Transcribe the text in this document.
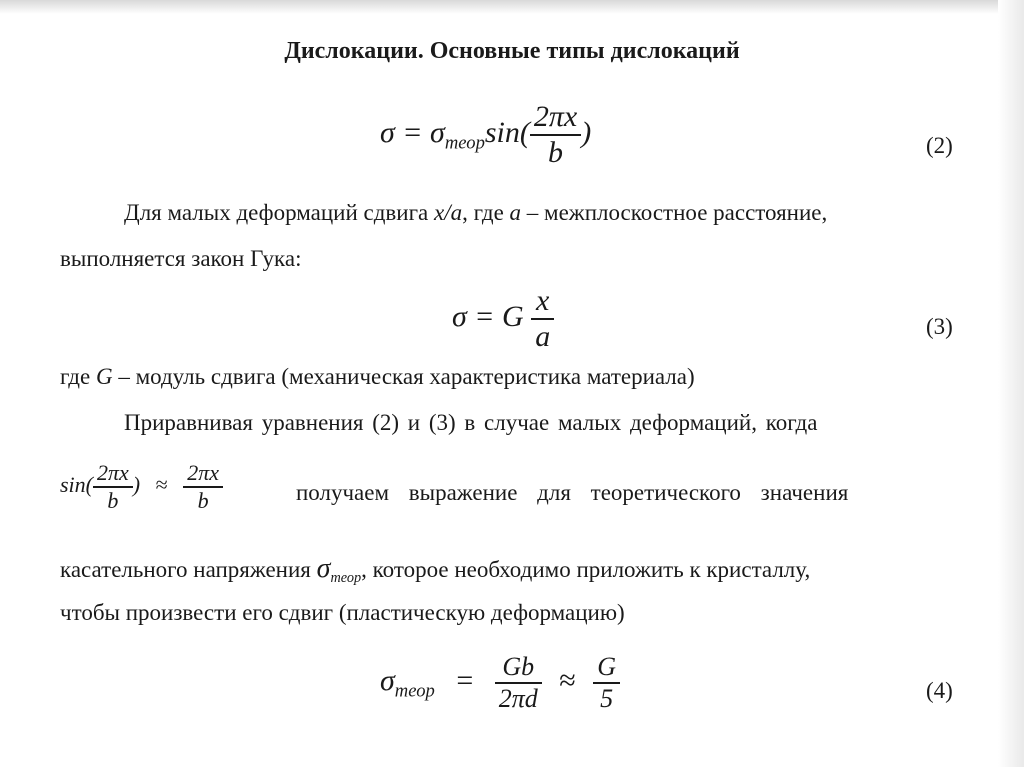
Дислокации. Основные типы дислокаций
$\sigma = \sigma_{теор}\sin( \frac{2\pi x}{b}$ )	(2)
Для малых деформаций сдвига x/a, где a – межплоскостное расстояние,
выполняется закон Гука:
σ = G $\frac{x}{a}$	(3)
где G – модуль сдвига (механическая характеристика материала)
Приравнивая уравнения (2) и (3) в случае малых деформаций, когда
$\sin( \frac{2\pi x}{b}$ ) ≈ $\frac{2\pi x}{b}$	получаем выражение для теоретического значения
касательного напряжения $\sigma_{теор}$, которое необходимо приложить к кристаллу,
чтобы произвести его сдвиг (пластическую деформацию)
$\sigma_{теор} = \frac{Gb}{2\pi d} \approx \frac{G}{5}$	(4)
